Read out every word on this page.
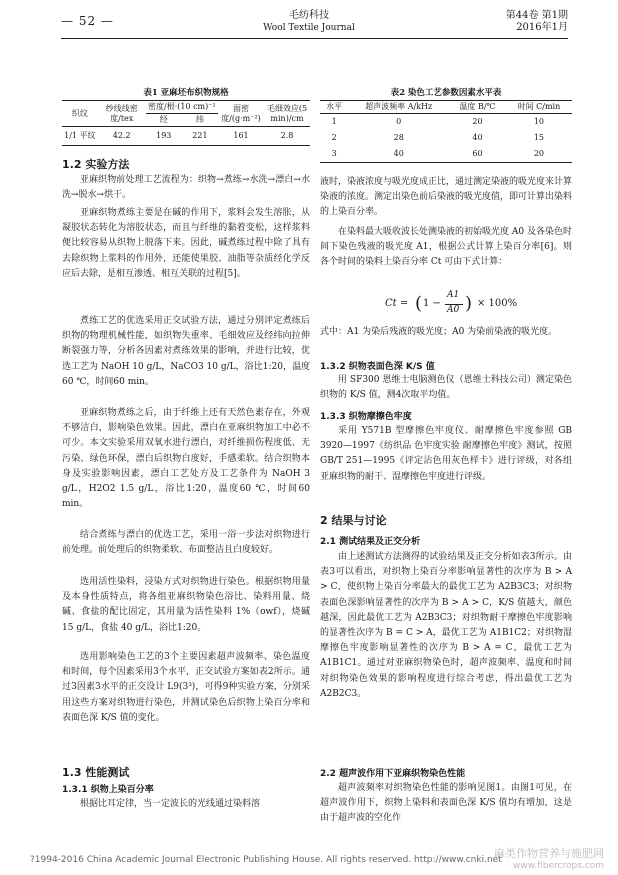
— 52 —	毛纺科技
Wool Textile Journal
第44卷 第1期
2016年1月
表1 亚麻坯布织物规格
织纹	纱线线密度/tex	密度/根·(10 cm)⁻¹		面密度/(g·m⁻²)	毛细效应(5 min)/cm
		经	纬		
1/1 平纹	42.2	193	221	161	2.8
表2 染色工艺参数因素水平表
水平	超声波频率 A/kHz	温度 B/℃	时间 C/min
1	0	20	10
2	28	40	15
3	40	60	20
1.2 实验方法
亚麻织物前处理工艺流程为：织物→煮练→水洗→漂白→水洗→脱水→烘干。
亚麻织物煮练主要是在碱的作用下，浆料会发生溶胀，从凝胶状态转化为溶胶状态，而且与纤维的黏着变松，这样浆料便比较容易从织物上脱落下来。因此，碱煮练过程中除了具有去除织物上浆料的作用外，还能使果胶、油脂等杂质经化学反应后去除，是相互渗透、相互关联的过程[5]。
煮练工艺的优选采用正交试验方法，通过分别评定煮练后织物的物理机械性能，如织物失重率、毛细效应及经纬向拉伸断裂强力等，分析各因素对煮练效果的影响，并进行比较，优选工艺为 NaOH 10 g/L，NaCO3 10 g/L，浴比1:20，温度60 ℃，时间60 min。
亚麻织物煮练之后，由于纤维上还有天然色素存在，外观不够洁白，影响染色效果。因此，漂白在亚麻织物加工中必不可少。本文实验采用双氧水进行漂白，对纤维损伤程度低、无污染、绿色环保，漂白后织物白度好，手感柔软。结合织物本身及实验影响因素，漂白工艺处方及工艺条件为 NaOH 3 g/L，H2O2 1.5 g/L，浴比1:20，温度60 ℃，时间60 min。
结合煮练与漂白的优选工艺，采用一浴一步法对织物进行前处理。前处理后的织物柔软、布面整洁且白度较好。
选用活性染料，浸染方式对织物进行染色。根据织物用量及本身性质特点，将各组亚麻织物染色浴比、染料用量、烧碱、食盐的配比固定，其用量为活性染料 1%（owf），烧碱 15 g/L，食盐 40 g/L，浴比1:20。
选用影响染色工艺的3个主要因素超声波频率、染色温度和时间，每个因素采用3个水平，正交试验方案如表2所示。通过3因素3水平的正交设计 L9(3³)，可得9种实验方案，分别采用这些方案对织物进行染色，并测试染色后织物上染百分率和表面色深 K/S 值的变化。
1.3 性能测试
1.3.1 织物上染百分率
根据比耳定律，当一定波长的光线通过染料溶
液时，染液浓度与吸光度成正比，通过测定染液的吸光度来计算染液的浓度。测定出染色前后染液的吸光度值，即可计算出染料的上染百分率。
在染料最大吸收波长处测染液的初始吸光度 A0 及各染色时间下染色残液的吸光度 A1，根据公式计算上染百分率[6]。则各个时间的染料上染百分率 Ct 可由下式计算：
Ct = ( 1 −
A1
A0 ) × 100%
式中：A1 为染后残液的吸光度；A0 为染前染液的吸光度。
1.3.2 织物表面色深 K/S 值
用 SF300 恩维士电脑测色仪（恩维士科技公司）测定染色织物的 K/S 值，测4次取平均值。
1.3.3 织物摩擦色牢度
采用 Y571B 型摩擦色牢度仪、耐摩擦色牢度参照 GB 3920—1997《纺织品 色牢度实验 耐摩擦色牢度》测试，按照 GB/T 251—1995《评定沾色用灰色样卡》进行评级，对各组亚麻织物的耐干、湿摩擦色牢度进行评级。
2 结果与讨论
2.1 测试结果及正交分析
由上述测试方法测得的试验结果及正交分析如表3所示。由表3可以看出，对织物上染百分率影响显著性的次序为 B > A > C，使织物上染百分率最大的最优工艺为 A2B3C3；对织物表面色深影响显著性的次序为 B > A > C，K/S 值越大，颜色越深，因此最优工艺为 A2B3C3；对织物耐干摩擦色牢度影响的显著性次序为 B = C > A，最优工艺为 A1B1C2；对织物湿摩擦色牢度影响显著性的次序为 B > A = C，最优工艺为 A1B1C1。通过对亚麻织物染色时，超声波频率、温度和时间对织物染色效果的影响程度进行综合考虑，得出最优工艺为 A2B2C3。
2.2 超声波作用下亚麻织物染色性能
超声波频率对织物染色性能的影响见图1。由图1可见，在超声波作用下，织物上染料和表面色深 K/S 值均有增加，这是由于超声波的空化作
?1994-2016 China Academic Journal Electronic Publishing House. All rights reserved. http://www.cnki.net
麻类作物营养与施肥网
www.fibercrops.com
